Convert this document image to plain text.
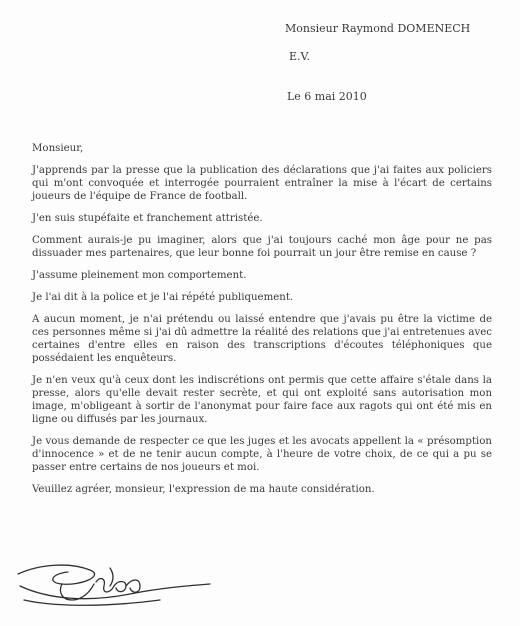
Monsieur Raymond DOMENECH
E.V.
Le 6 mai 2010

Monsieur,

J'apprends par la presse que la publication des déclarations que j'ai faites aux policiers qui m'ont convoquée et interrogée pourraient entraîner la mise à l'écart de certains joueurs de l'équipe de France de football.

J'en suis stupéfaite et franchement attristée.

Comment aurais-je pu imaginer, alors que j'ai toujours caché mon âge pour ne pas dissuader mes partenaires, que leur bonne foi pourrait un jour être remise en cause ?

J'assume pleinement mon comportement.

Je l'ai dit à la police et je l'ai répété publiquement.

A aucun moment, je n'ai prétendu ou laissé entendre que j'avais pu être la victime de ces personnes même si j'ai dû admettre la réalité des relations que j'ai entretenues avec certaines d'entre elles en raison des transcriptions d'écoutes téléphoniques que possédaient les enquêteurs.

Je n'en veux qu'à ceux dont les indiscrétions ont permis que cette affaire s'étale dans la presse, alors qu'elle devait rester secrète, et qui ont exploité sans autorisation mon image, m'obligeant à sortir de l'anonymat pour faire face aux ragots qui ont été mis en ligne ou diffusés par les journaux.

Je vous demande de respecter ce que les juges et les avocats appellent la « présomption d'innocence » et de ne tenir aucun compte, à l'heure de votre choix, de ce qui a pu se passer entre certains de nos joueurs et moi.

Veuillez agréer, monsieur, l'expression de ma haute considération.
